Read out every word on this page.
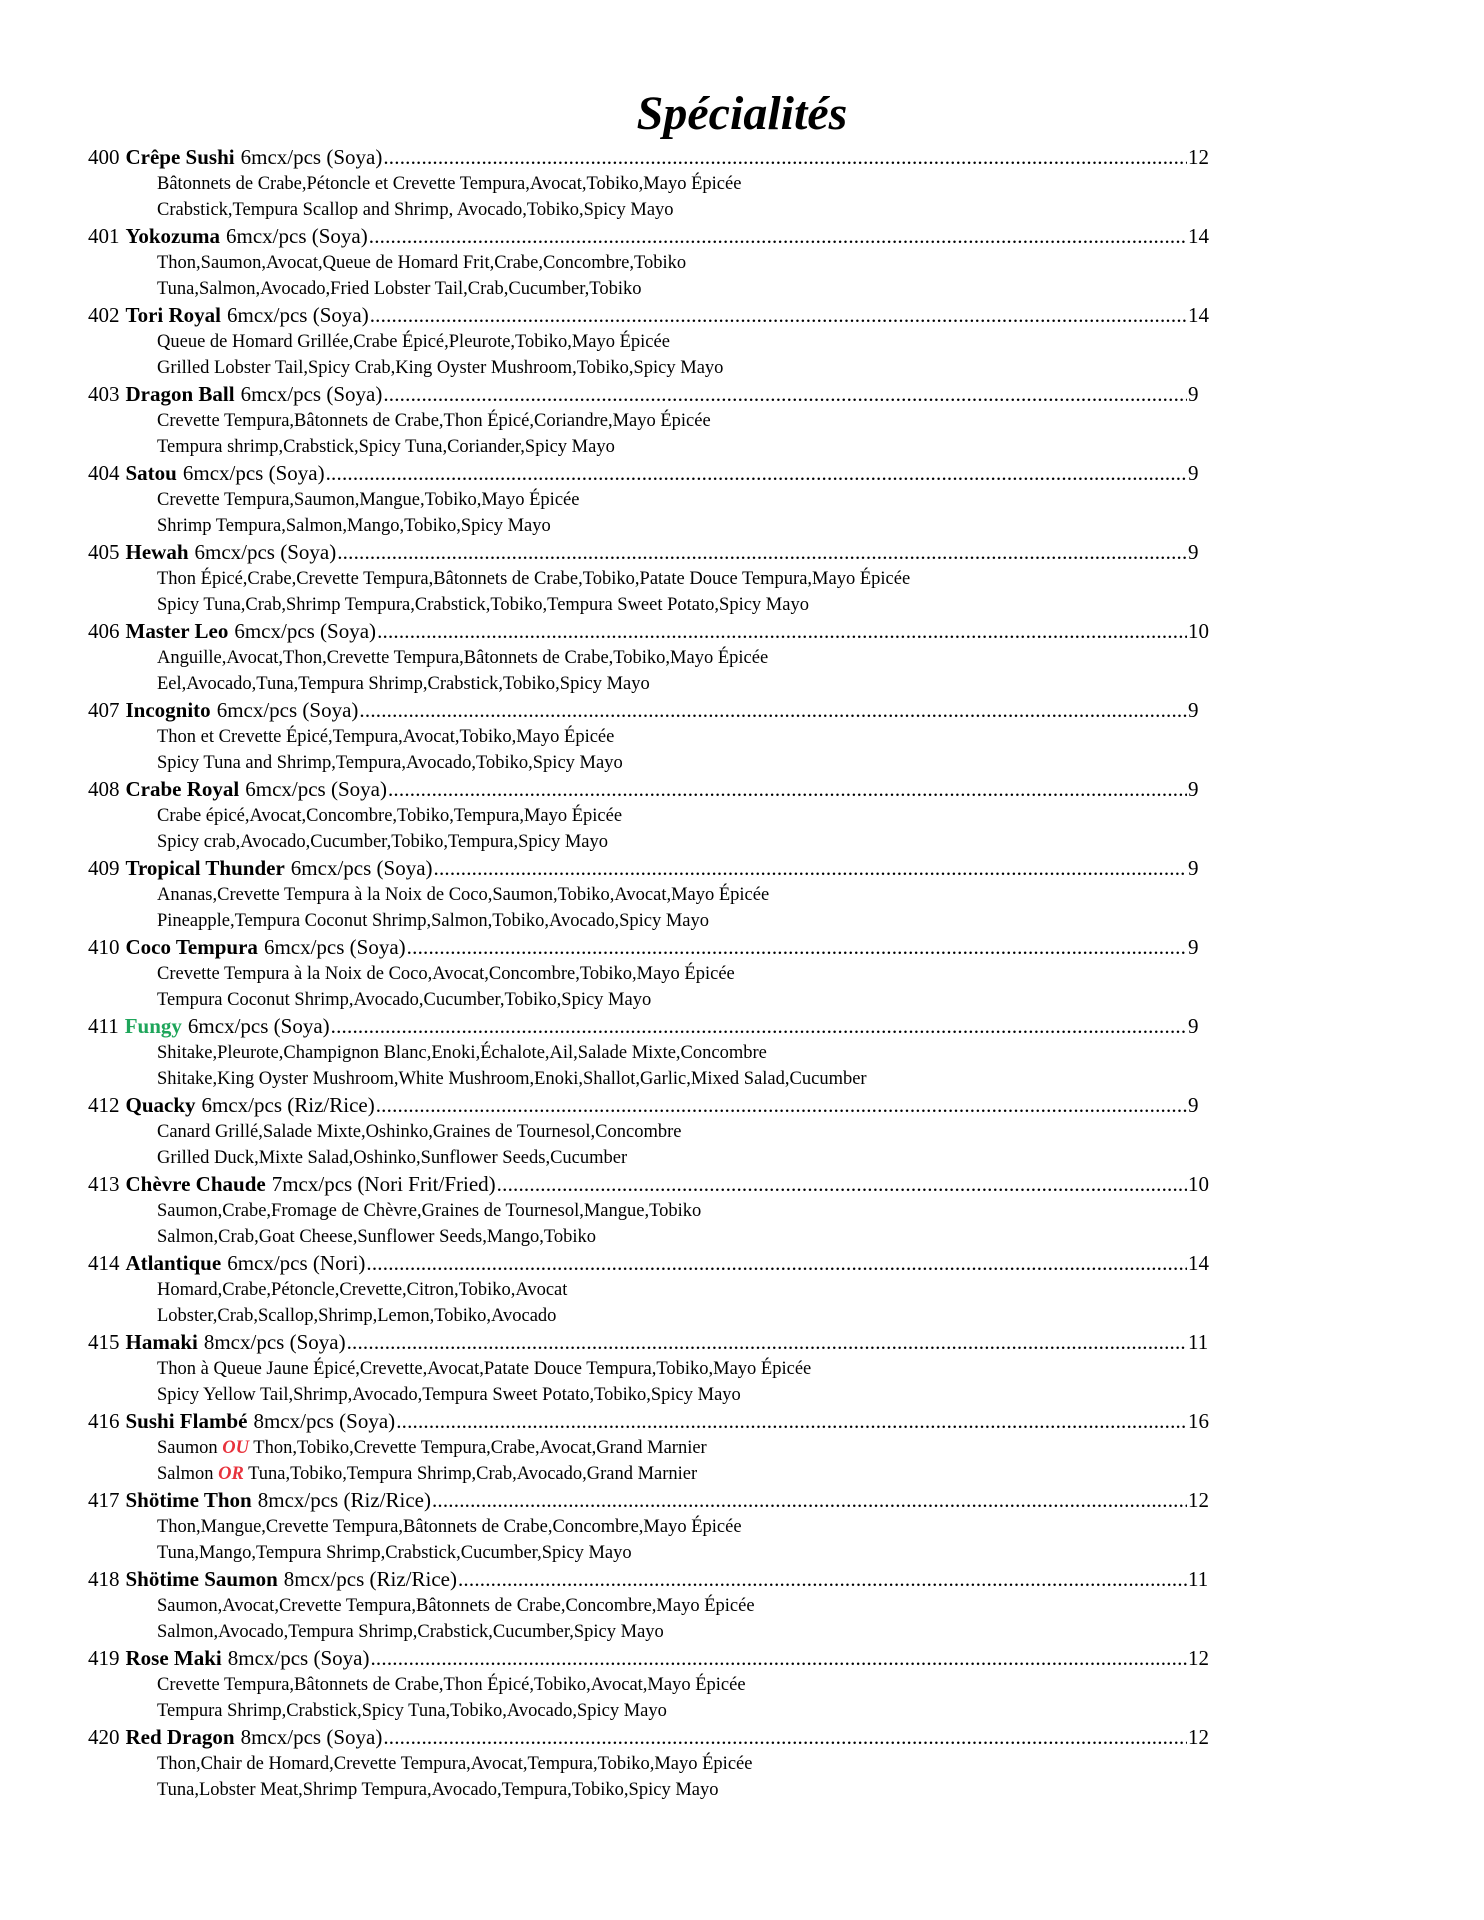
Spécialités
400 Crêpe Sushi 6mcx/pcs (Soya) .....	12
Bâtonnets de Crabe,Pétoncle et Crevette Tempura,Avocat,Tobiko,Mayo Épicée
Crabstick,Tempura Scallop and Shrimp, Avocado,Tobiko,Spicy Mayo
401 Yokozuma 6mcx/pcs (Soya) .....	14
Thon,Saumon,Avocat,Queue de Homard Frit,Crabe,Concombre,Tobiko
Tuna,Salmon,Avocado,Fried Lobster Tail,Crab,Cucumber,Tobiko
402 Tori Royal 6mcx/pcs (Soya) .....	14
Queue de Homard Grillée,Crabe Épicé,Pleurote,Tobiko,Mayo Épicée
Grilled Lobster Tail,Spicy Crab,King Oyster Mushroom,Tobiko,Spicy Mayo
403 Dragon Ball 6mcx/pcs (Soya) .....	9
Crevette Tempura,Bâtonnets de Crabe,Thon Épicé,Coriandre,Mayo Épicée
Tempura shrimp,Crabstick,Spicy Tuna,Coriander,Spicy Mayo
404 Satou 6mcx/pcs (Soya) .....	9
Crevette Tempura,Saumon,Mangue,Tobiko,Mayo Épicée
Shrimp Tempura,Salmon,Mango,Tobiko,Spicy Mayo
405 Hewah 6mcx/pcs (Soya) .....	9
Thon Épicé,Crabe,Crevette Tempura,Bâtonnets de Crabe,Tobiko,Patate Douce Tempura,Mayo Épicée
Spicy Tuna,Crab,Shrimp Tempura,Crabstick,Tobiko,Tempura Sweet Potato,Spicy Mayo
406 Master Leo 6mcx/pcs (Soya) .....	10
Anguille,Avocat,Thon,Crevette Tempura,Bâtonnets de Crabe,Tobiko,Mayo Épicée
Eel,Avocado,Tuna,Tempura Shrimp,Crabstick,Tobiko,Spicy Mayo
407 Incognito 6mcx/pcs (Soya) .....	9
Thon et Crevette Épicé,Tempura,Avocat,Tobiko,Mayo Épicée
Spicy Tuna and Shrimp,Tempura,Avocado,Tobiko,Spicy Mayo
408 Crabe Royal 6mcx/pcs (Soya) .....	9
Crabe épicé,Avocat,Concombre,Tobiko,Tempura,Mayo Épicée
Spicy crab,Avocado,Cucumber,Tobiko,Tempura,Spicy Mayo
409 Tropical Thunder 6mcx/pcs (Soya) .....	9
Ananas,Crevette Tempura à la Noix de Coco,Saumon,Tobiko,Avocat,Mayo Épicée
Pineapple,Tempura Coconut Shrimp,Salmon,Tobiko,Avocado,Spicy Mayo
410 Coco Tempura 6mcx/pcs (Soya) .....	9
Crevette Tempura à la Noix de Coco,Avocat,Concombre,Tobiko,Mayo Épicée
Tempura Coconut Shrimp,Avocado,Cucumber,Tobiko,Spicy Mayo
411 Fungy 6mcx/pcs (Soya) .....	9
Shitake,Pleurote,Champignon Blanc,Enoki,Échalote,Ail,Salade Mixte,Concombre
Shitake,King Oyster Mushroom,White Mushroom,Enoki,Shallot,Garlic,Mixed Salad,Cucumber
412 Quacky 6mcx/pcs (Riz/Rice) .....	9
Canard Grillé,Salade Mixte,Oshinko,Graines de Tournesol,Concombre
Grilled Duck,Mixte Salad,Oshinko,Sunflower Seeds,Cucumber
413 Chèvre Chaude 7mcx/pcs (Nori Frit/Fried) .....	10
Saumon,Crabe,Fromage de Chèvre,Graines de Tournesol,Mangue,Tobiko
Salmon,Crab,Goat Cheese,Sunflower Seeds,Mango,Tobiko
414 Atlantique 6mcx/pcs (Nori) .....	14
Homard,Crabe,Pétoncle,Crevette,Citron,Tobiko,Avocat
Lobster,Crab,Scallop,Shrimp,Lemon,Tobiko,Avocado
415 Hamaki 8mcx/pcs (Soya) .....	11
Thon à Queue Jaune Épicé,Crevette,Avocat,Patate Douce Tempura,Tobiko,Mayo Épicée
Spicy Yellow Tail,Shrimp,Avocado,Tempura Sweet Potato,Tobiko,Spicy Mayo
416 Sushi Flambé 8mcx/pcs (Soya) .....	16
Saumon OU Thon,Tobiko,Crevette Tempura,Crabe,Avocat,Grand Marnier
Salmon OR Tuna,Tobiko,Tempura Shrimp,Crab,Avocado,Grand Marnier
417 Shötime Thon 8mcx/pcs (Riz/Rice) .....	12
Thon,Mangue,Crevette Tempura,Bâtonnets de Crabe,Concombre,Mayo Épicée
Tuna,Mango,Tempura Shrimp,Crabstick,Cucumber,Spicy Mayo
418 Shötime Saumon 8mcx/pcs (Riz/Rice) .....	11
Saumon,Avocat,Crevette Tempura,Bâtonnets de Crabe,Concombre,Mayo Épicée
Salmon,Avocado,Tempura Shrimp,Crabstick,Cucumber,Spicy Mayo
419 Rose Maki 8mcx/pcs (Soya) .....	12
Crevette Tempura,Bâtonnets de Crabe,Thon Épicé,Tobiko,Avocat,Mayo Épicée
Tempura Shrimp,Crabstick,Spicy Tuna,Tobiko,Avocado,Spicy Mayo
420 Red Dragon 8mcx/pcs (Soya) .....	12
Thon,Chair de Homard,Crevette Tempura,Avocat,Tempura,Tobiko,Mayo Épicée
Tuna,Lobster Meat,Shrimp Tempura,Avocado,Tempura,Tobiko,Spicy Mayo
